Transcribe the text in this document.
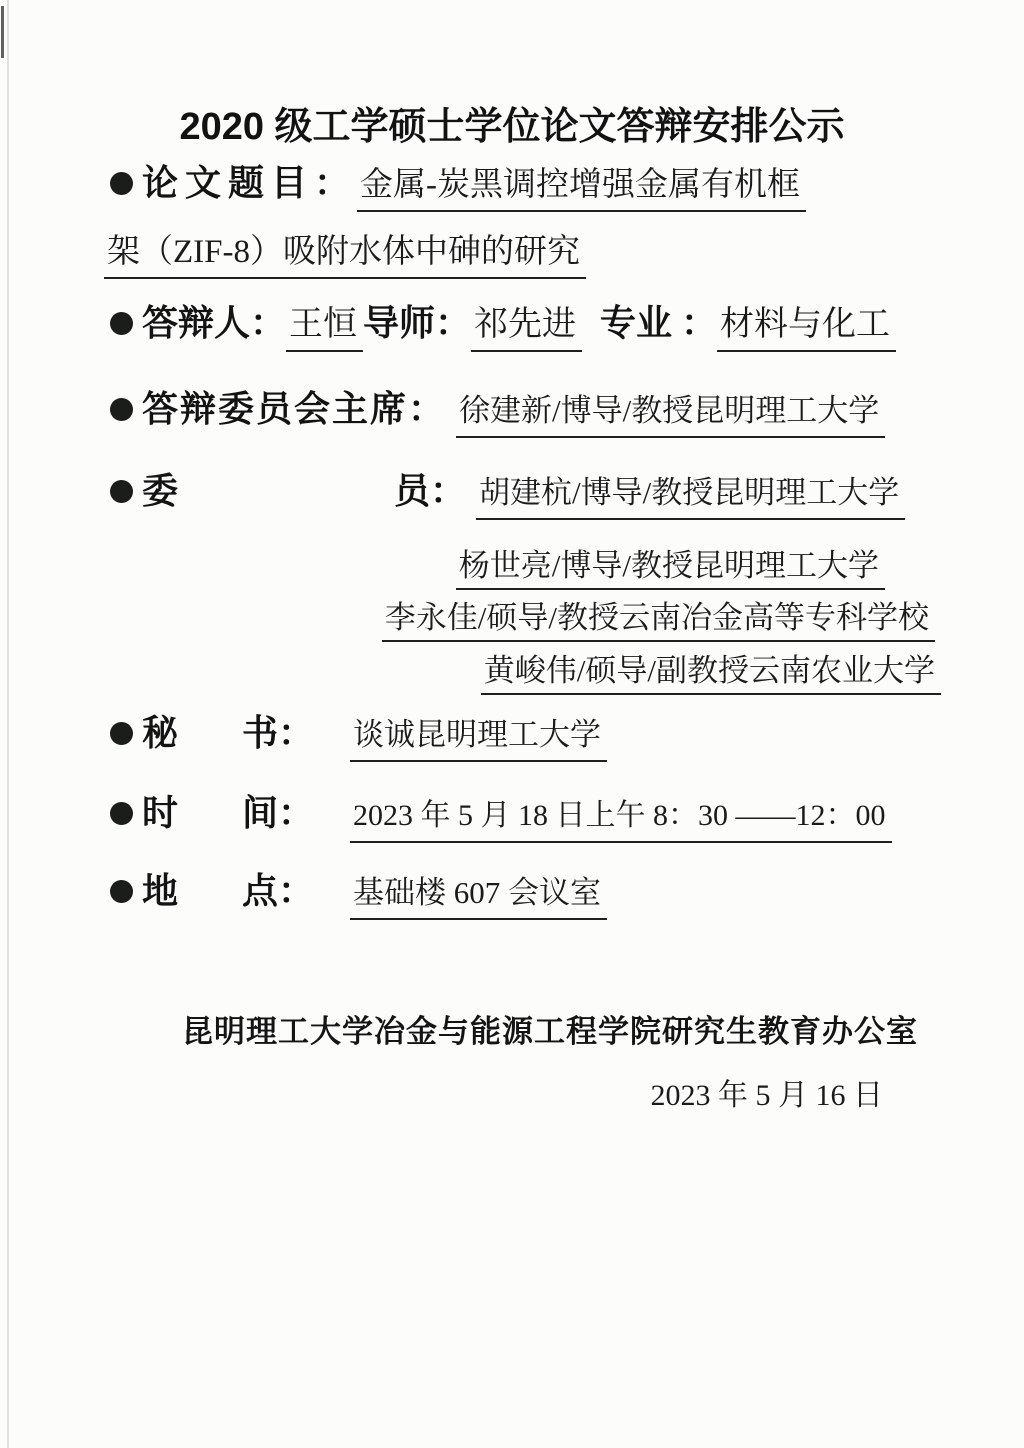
2020 级工学硕士学位论文答辩安排公示
论文题目： 金属-炭黑调控增强金属有机框
架（ZIF-8）吸附水体中砷的研究
答辩人： 王恒 导师： 祁先进 专业 ： 材料与化工
答辩委员会主席： 徐建新/博导/教授昆明理工大学
委	员： 胡建杭/博导/教授昆明理工大学
杨世亮/博导/教授昆明理工大学
李永佳/硕导/教授云南冶金高等专科学校
黄峻伟/硕导/副教授云南农业大学
秘 书： 谈诚昆明理工大学
时 间： 2023 年 5 月 18 日上午 8：30 ——12：00
地 点： 基础楼 607 会议室
昆明理工大学冶金与能源工程学院研究生教育办公室
2023 年 5 月 16 日
